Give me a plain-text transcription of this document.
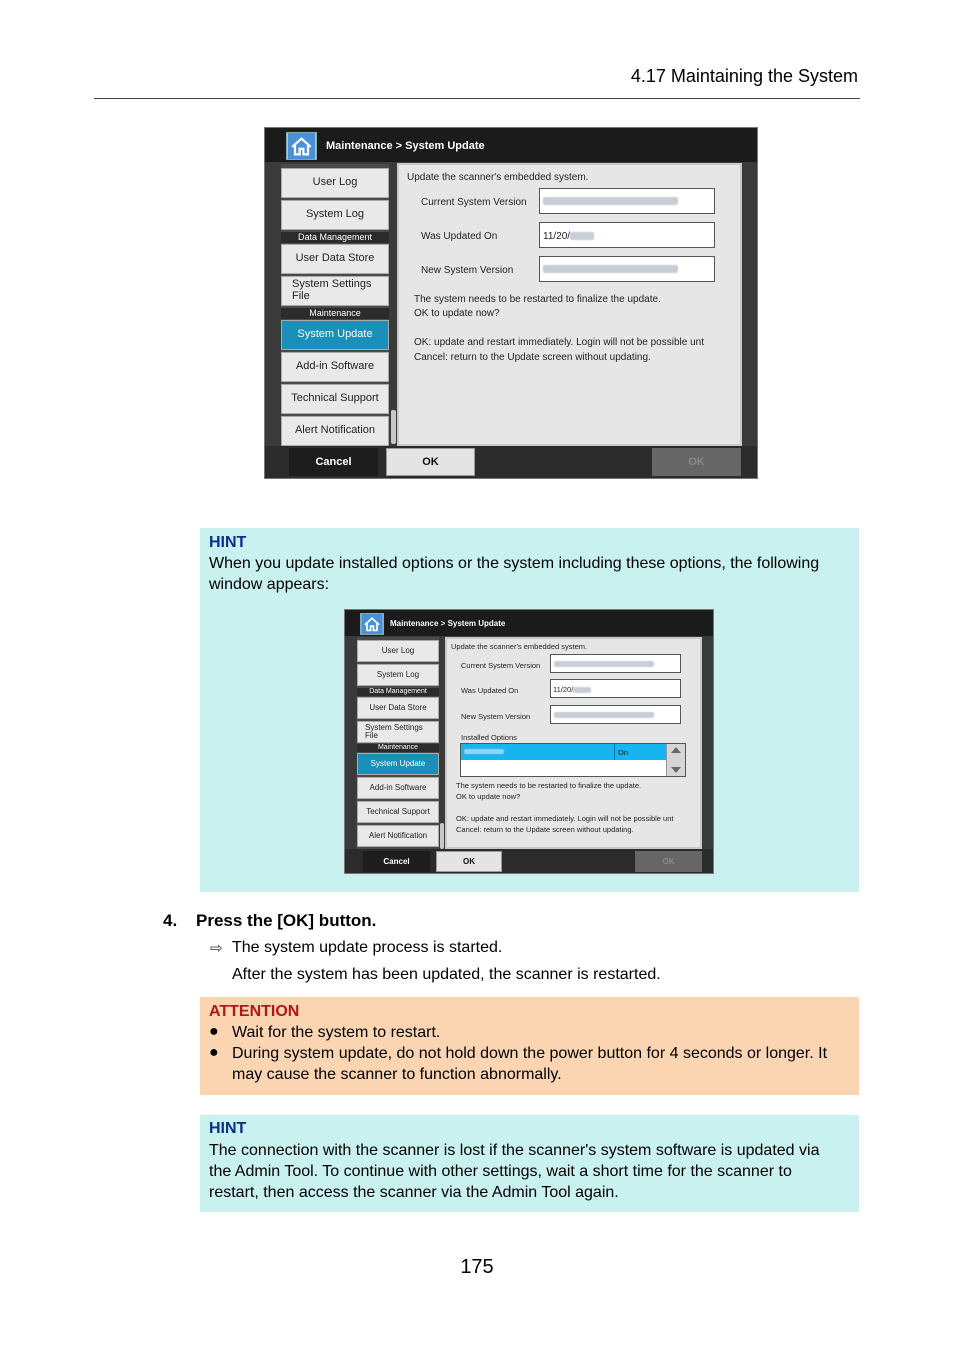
4.17 Maintaining the System
Maintenance > System Update
User Log
System Log
Data Management
User Data Store
System Settings File
Maintenance
System Update
Add-in Software
Technical Support
Alert Notification
Update the scanner's embedded system.
Current System Version
Was Updated On	11/20/
New System Version
The system needs to be restarted to finalize the update.
OK to update now?
OK: update and restart immediately. Login will not be possible unt
Cancel: return to the Update screen without updating.
Cancel	OK	OK
HINT
When you update installed options or the system including these options, the following window appears:
Maintenance > System Update
User Log
System Log
Data Management
User Data Store
System Settings File
Maintenance
System Update
Add-in Software
Technical Support
Alert Notification
Update the scanner's embedded system.
Current System Version
Was Updated On	11/20/
New System Version
Installed Options
On
The system needs to be restarted to finalize the update.
OK to update now?
OK: update and restart immediately. Login will not be possible unt
Cancel: return to the Update screen without updating.
Cancel	OK	OK
4. Press the [OK] button.
⇨ The system update process is started.
After the system has been updated, the scanner is restarted.
ATTENTION
● Wait for the system to restart.
● During system update, do not hold down the power button for 4 seconds or longer. It may cause the scanner to function abnormally.
HINT
The connection with the scanner is lost if the scanner's system software is updated via the Admin Tool. To continue with other settings, wait a short time for the scanner to restart, then access the scanner via the Admin Tool again.
175
